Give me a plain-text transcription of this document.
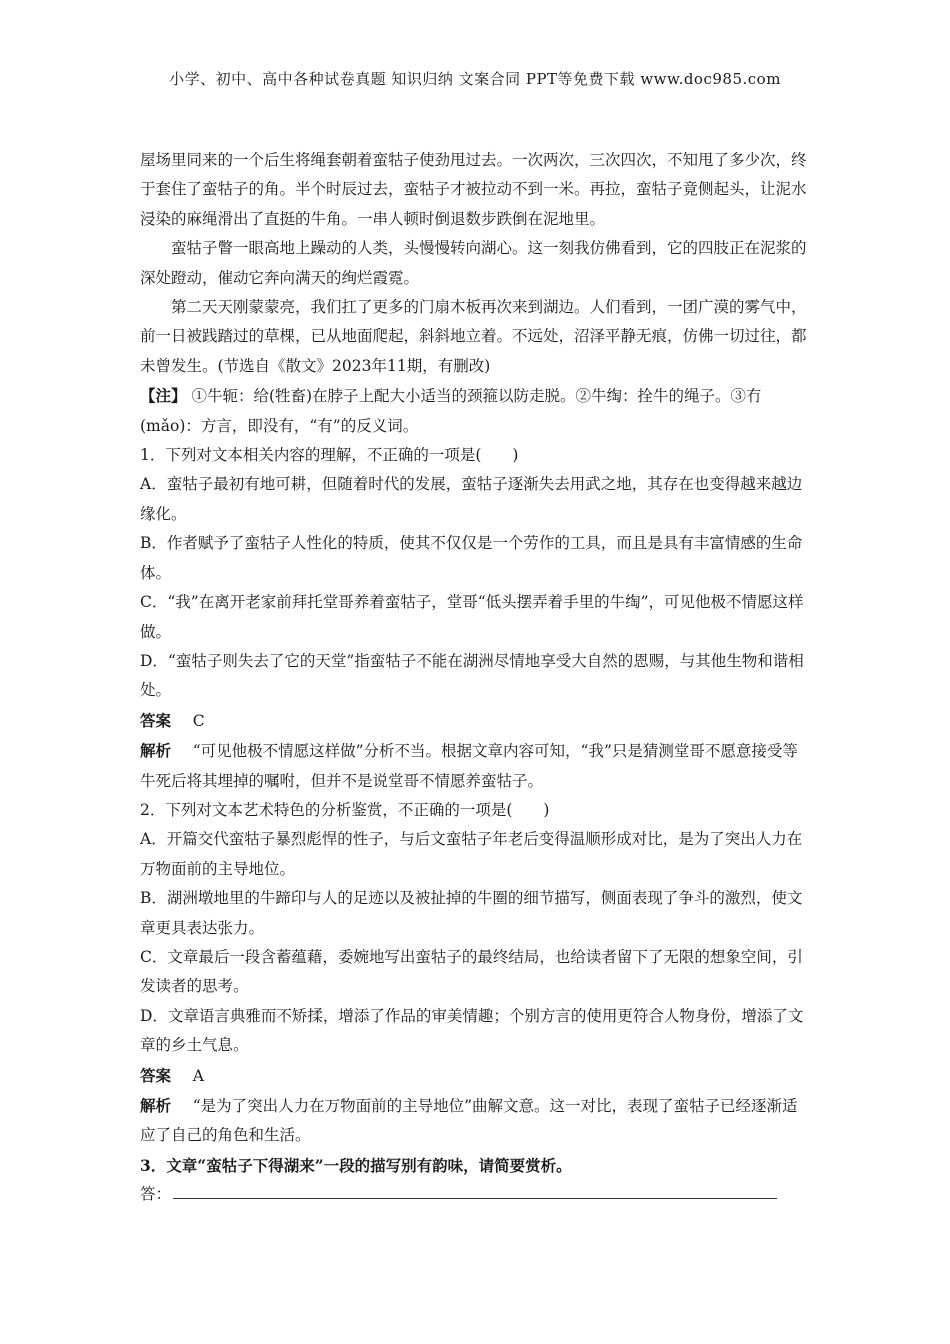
小学、初中、高中各种试卷真题 知识归纳 文案合同 PPT等免费下载 www.doc985.com

屋场里同来的一个后生将绳套朝着蛮牯子使劲甩过去。一次两次，三次四次，不知甩了多少次，终于套住了蛮牯子的角。半个时辰过去，蛮牯子才被拉动不到一米。再拉，蛮牯子竟侧起头，让泥水浸染的麻绳滑出了直挺的牛角。一串人顿时倒退数步跌倒在泥地里。

蛮牯子瞥一眼高地上躁动的人类，头慢慢转向湖心。这一刻我仿佛看到，它的四肢正在泥浆的深处蹬动，催动它奔向满天的绚烂霞霓。

第二天天刚蒙蒙亮，我们扛了更多的门扇木板再次来到湖边。人们看到，一团广漠的雾气中，前一日被践踏过的草棵，已从地面爬起，斜斜地立着。不远处，沼泽平静无痕，仿佛一切过往，都未曾发生。(节选自《散文》2023年11期，有删改)

【注】 ①牛轭：给(牲畜)在脖子上配大小适当的颈箍以防走脱。②牛绹：拴牛的绳子。③冇(mǎo)：方言，即没有，“有”的反义词。

1．下列对文本相关内容的理解，不正确的一项是(　　)

A．蛮牯子最初有地可耕，但随着时代的发展，蛮牯子逐渐失去用武之地，其存在也变得越来越边缘化。

B．作者赋予了蛮牯子人性化的特质，使其不仅仅是一个劳作的工具，而且是具有丰富情感的生命体。

C．“我”在离开老家前拜托堂哥养着蛮牯子，堂哥“低头摆弄着手里的牛绹”，可见他极不情愿这样做。

D．“蛮牯子则失去了它的天堂”指蛮牯子不能在湖洲尽情地享受大自然的恩赐，与其他生物和谐相处。

答案 C

解析 “可见他极不情愿这样做”分析不当。根据文章内容可知，“我”只是猜测堂哥不愿意接受等牛死后将其埋掉的嘱咐，但并不是说堂哥不情愿养蛮牯子。

2．下列对文本艺术特色的分析鉴赏，不正确的一项是(　　)

A．开篇交代蛮牯子暴烈彪悍的性子，与后文蛮牯子年老后变得温顺形成对比，是为了突出人力在万物面前的主导地位。

B．湖洲墩地里的牛蹄印与人的足迹以及被扯掉的牛圈的细节描写，侧面表现了争斗的激烈，使文章更具表达张力。

C．文章最后一段含蓄蕴藉，委婉地写出蛮牯子的最终结局，也给读者留下了无限的想象空间，引发读者的思考。

D．文章语言典雅而不矫揉，增添了作品的审美情趣；个别方言的使用更符合人物身份，增添了文章的乡土气息。

答案 A

解析 “是为了突出人力在万物面前的主导地位”曲解文意。这一对比，表现了蛮牯子已经逐渐适应了自己的角色和生活。

3．文章“蛮牯子下得湖来”一段的描写别有韵味，请简要赏析。

答：
